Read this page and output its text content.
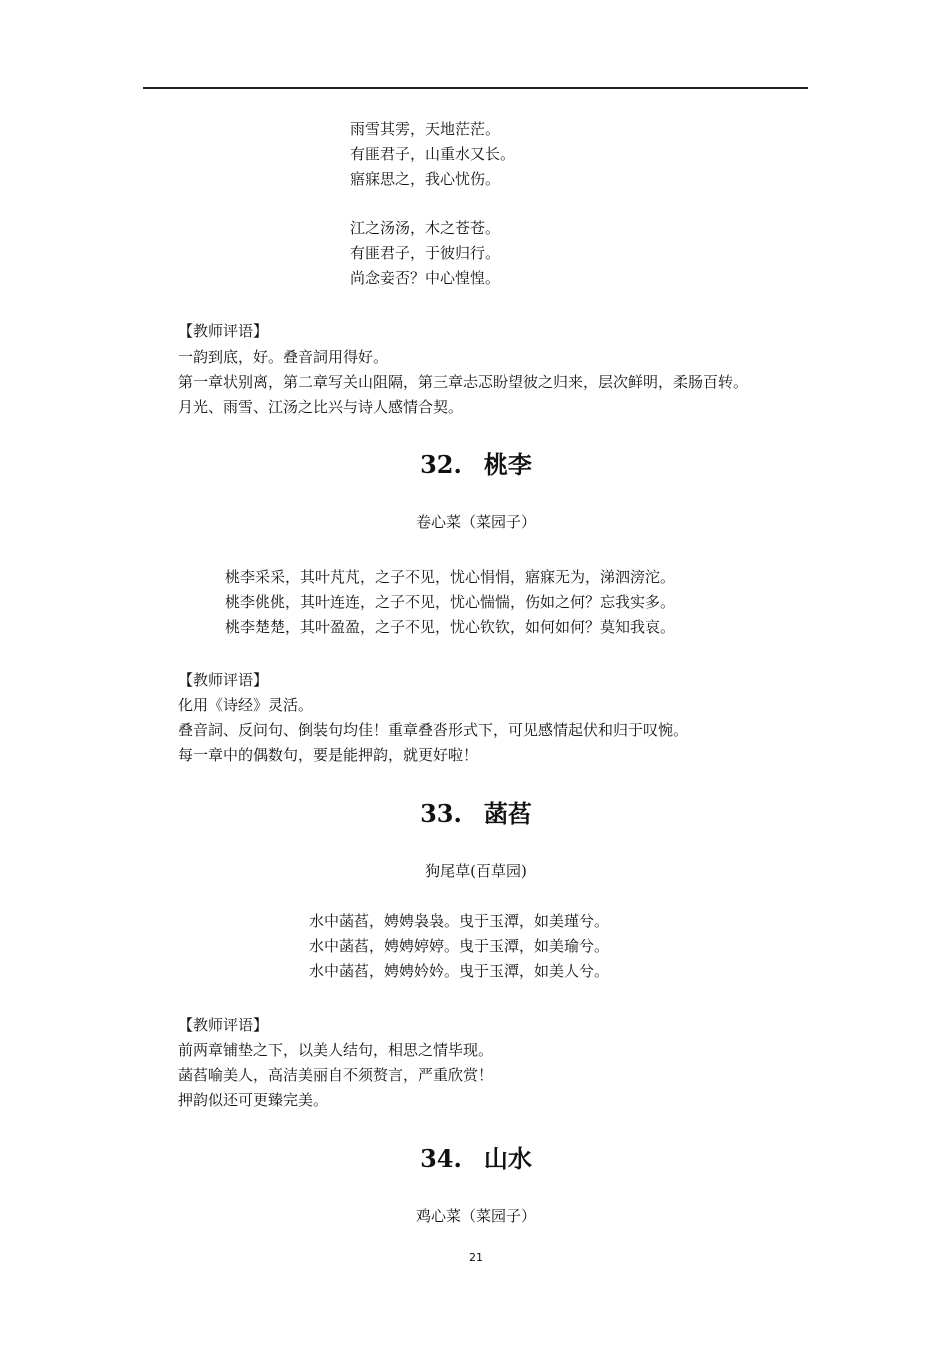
雨雪其雱，天地茫茫。
有匪君子，山重水又长。
寤寐思之，我心忧伤。
江之汤汤，木之苍苍。
有匪君子，于彼归行。
尚念妾否？中心惶惶。
【教师评语】
一韵到底，好。叠音詞用得好。
第一章状别离，第二章写关山阻隔，第三章忐忑盼望彼之归来，层次鲜明，柔肠百转。
月光、雨雪、江汤之比兴与诗人感情合契。
32. 桃李
卷心菜（菜园子）
桃李采采，其叶芃芃，之子不见，忧心悁悁，寤寐无为，涕泗滂沱。
桃李佻佻，其叶连连，之子不见，忧心惴惴，伤如之何？忘我实多。
桃李楚楚，其叶盈盈，之子不见，忧心钦钦，如何如何？莫知我哀。
【教师评语】
化用《诗经》灵活。
叠音詞、反问句、倒装句均佳！重章叠沓形式下，可见感情起伏和归于叹惋。
每一章中的偶数句，要是能押韵，就更好啦！
33. 菡萏
狗尾草(百草园)
水中菡萏，娉娉袅袅。曳于玉潭，如美瑾兮。
水中菡萏，娉娉婷婷。曳于玉潭，如美瑜兮。
水中菡萏，娉娉妗妗。曳于玉潭，如美人兮。
【教师评语】
前两章铺垫之下，以美人结句，相思之情毕现。
菡萏喻美人，高洁美丽自不须赘言，严重欣赏！
押韵似还可更臻完美。
34. 山水
鸡心菜（菜园子）
21
